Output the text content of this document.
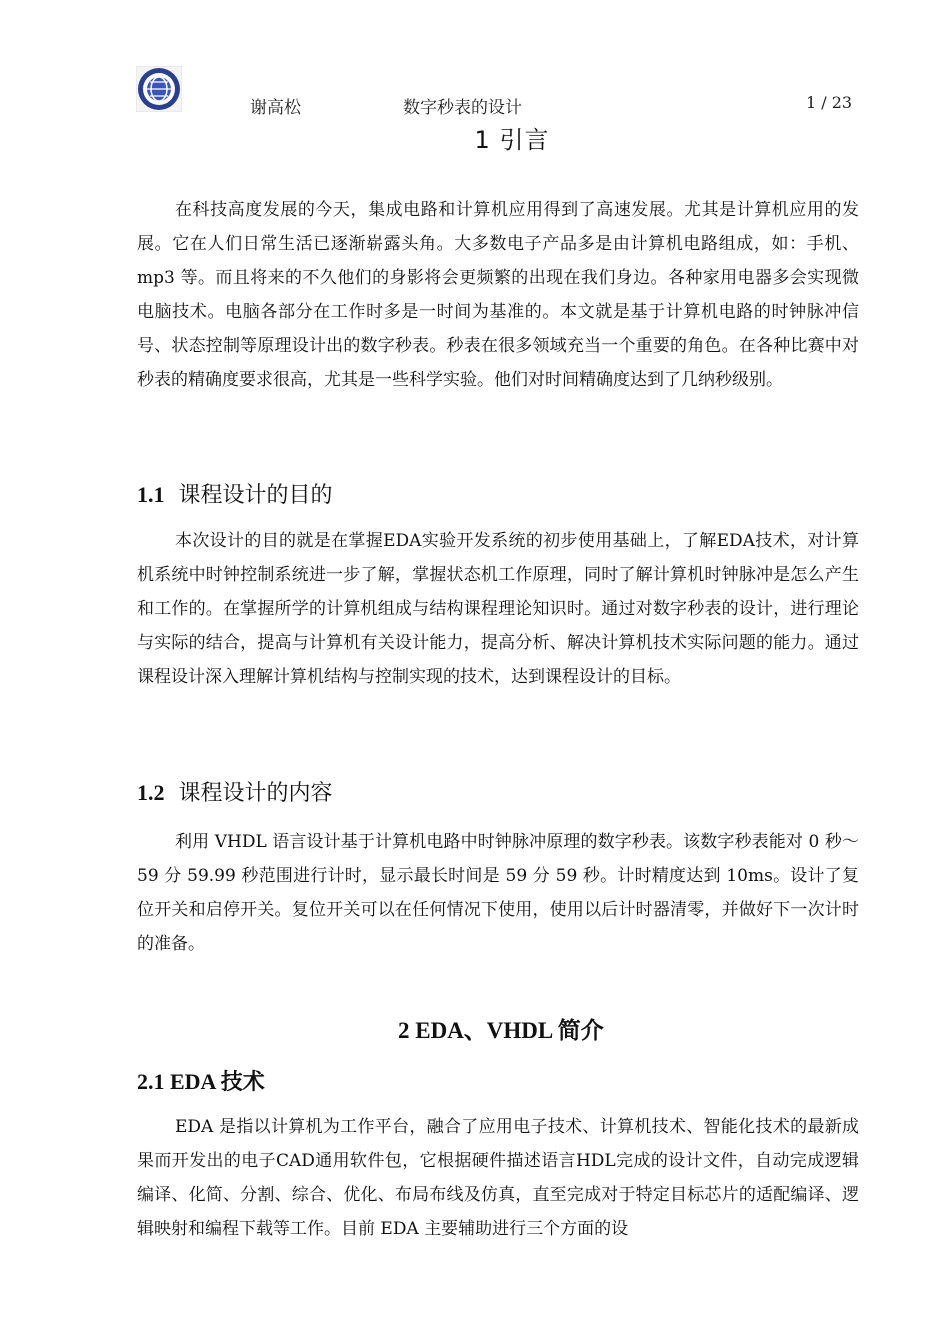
谢高松	数字秒表的设计	1 / 23
1 引言

在科技高度发展的今天，集成电路和计算机应用得到了高速发展。尤其是计算机应用的发展。它在人们日常生活已逐渐崭露头角。大多数电子产品多是由计算机电路组成，如：手机、mp3 等。而且将来的不久他们的身影将会更频繁的出现在我们身边。各种家用电器多会实现微电脑技术。电脑各部分在工作时多是一时间为基准的。本文就是基于计算机电路的时钟脉冲信号、状态控制等原理设计出的数字秒表。秒表在很多领域充当一个重要的角色。在各种比赛中对秒表的精确度要求很高，尤其是一些科学实验。他们对时间精确度达到了几纳秒级别。

1.1 课程设计的目的

本次设计的目的就是在掌握EDA实验开发系统的初步使用基础上，了解EDA技术，对计算机系统中时钟控制系统进一步了解，掌握状态机工作原理，同时了解计算机时钟脉冲是怎么产生和工作的。在掌握所学的计算机组成与结构课程理论知识时。通过对数字秒表的设计，进行理论与实际的结合，提高与计算机有关设计能力，提高分析、解决计算机技术实际问题的能力。通过课程设计深入理解计算机结构与控制实现的技术，达到课程设计的目标。

1.2 课程设计的内容

利用 VHDL 语言设计基于计算机电路中时钟脉冲原理的数字秒表。该数字秒表能对 0 秒～59 分 59.99 秒范围进行计时，显示最长时间是 59 分 59 秒。计时精度达到 10ms。设计了复位开关和启停开关。复位开关可以在任何情况下使用，使用以后计时器清零，并做好下一次计时的准备。

2 EDA、VHDL 简介
2.1 EDA 技术

EDA 是指以计算机为工作平台，融合了应用电子技术、计算机技术、智能化技术的最新成果而开发出的电子CAD通用软件包，它根据硬件描述语言HDL完成的设计文件，自动完成逻辑编译、化简、分割、综合、优化、布局布线及仿真，直至完成对于特定目标芯片的适配编译、逻辑映射和编程下载等工作。目前 EDA 主要辅助进行三个方面的设
